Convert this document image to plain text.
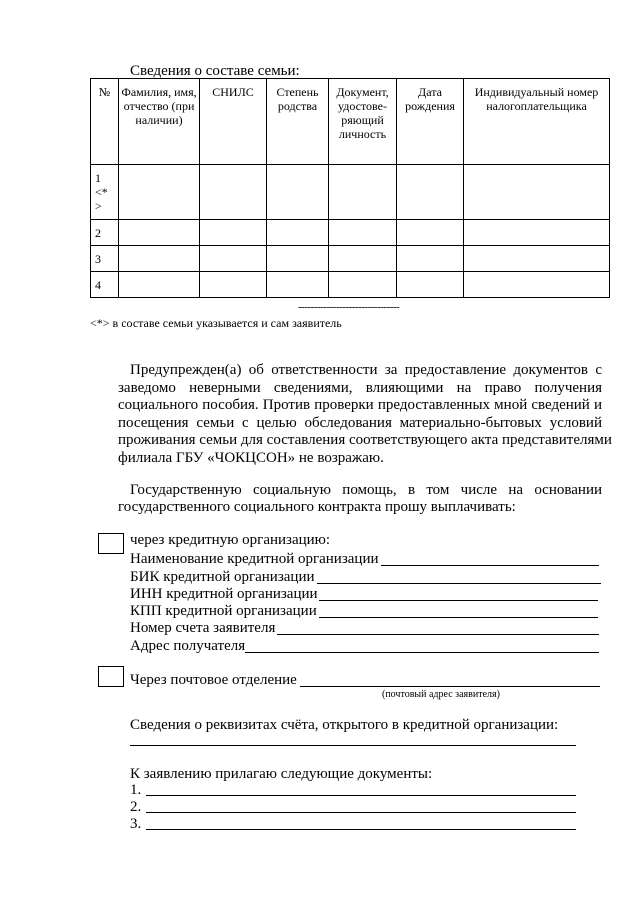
Сведения о составе семьи:
№	Фамилия, имя, отчество (при наличии)	СНИЛС	Степень родства	Документ, удостове-ряющий личность	Дата рождения	Индивидуальный номер налогоплательщика
1 <* >						
2						
3						
4						
--------------------------------
<*> в составе семьи указывается и сам заявитель
Предупрежден(а) об ответственности за предоставление документов с
заведомо неверными сведениями, влияющими на право получения
социального пособия. Против проверки предоставленных мной сведений и
посещения семьи с целью обследования материально-бытовых условий
проживания семьи для составления соответствующего акта представителями
филиала ГБУ «ЧОКЦСОН» не возражаю.
Государственную социальную помощь, в том числе на основании
государственного социального контракта прошу выплачивать:
через кредитную организацию:
Наименование кредитной организации
БИК кредитной организации
ИНН кредитной организации
КПП кредитной организации
Номер счета заявителя
Адрес получателя
Через почтовое отделение
(почтовый адрес заявителя)
Сведения о реквизитах счёта, открытого в кредитной организации:
К заявлению прилагаю следующие документы:
1.
2.
3.
